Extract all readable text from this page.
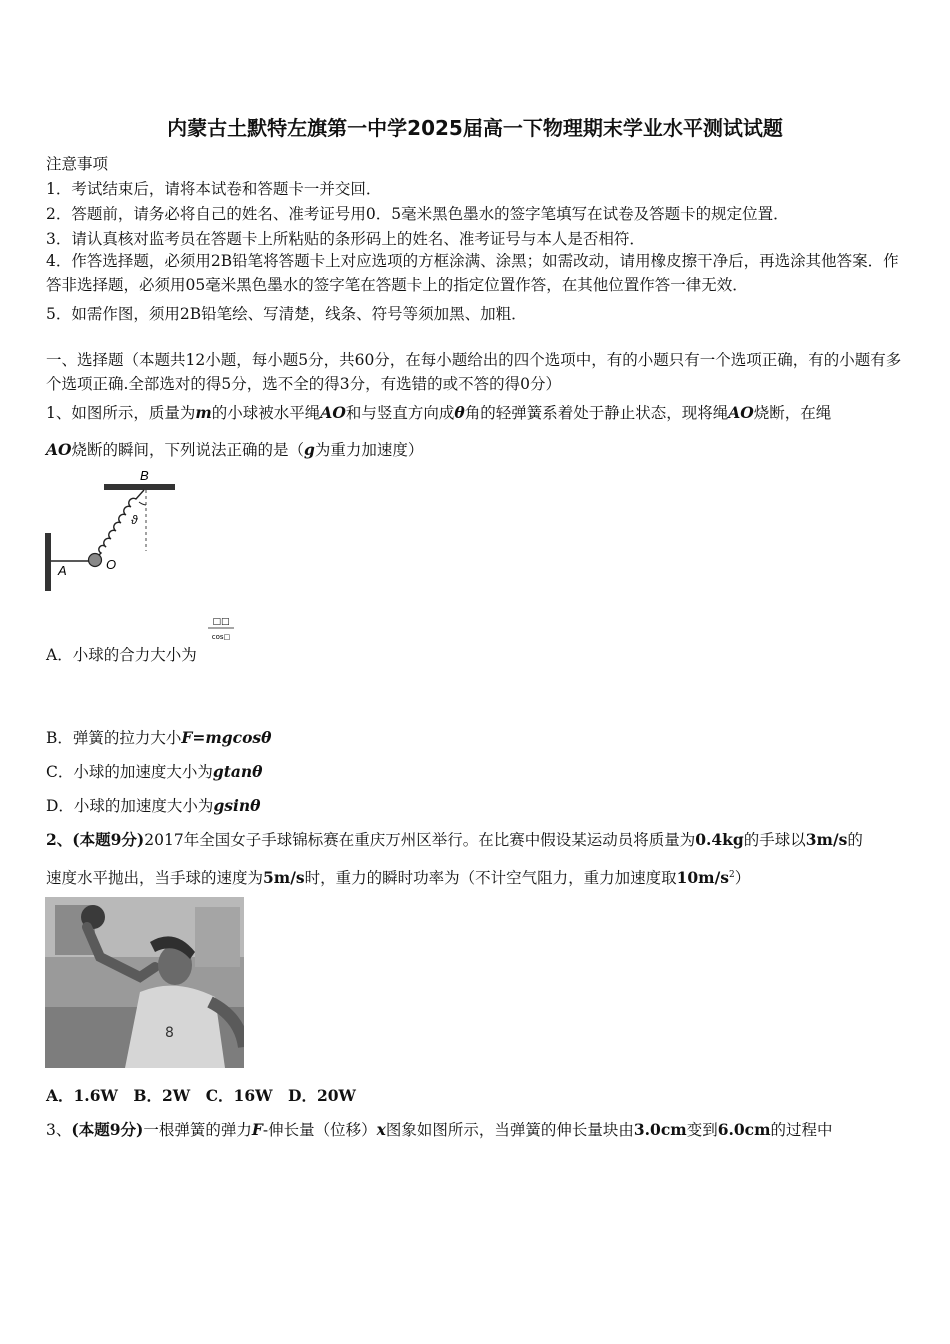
内蒙古土默特左旗第一中学2025届高一下物理期末学业水平测试试题
注意事项
1．考试结束后，请将本试卷和答题卡一并交回．
2．答题前，请务必将自己的姓名、准考证号用0．5毫米黑色墨水的签字笔填写在试卷及答题卡的规定位置．
3．请认真核对监考员在答题卡上所粘贴的条形码上的姓名、准考证号与本人是否相符．
4．作答选择题，必须用2B铅笔将答题卡上对应选项的方框涂满、涂黑；如需改动，请用橡皮擦干净后，再选涂其他答案．作答非选择题，必须用05毫米黑色墨水的签字笔在答题卡上的指定位置作答，在其他位置作答一律无效．
5．如需作图，须用2B铅笔绘、写清楚，线条、符号等须加黑、加粗．
一、选择题（本题共12小题，每小题5分，共60分，在每小题给出的四个选项中，有的小题只有一个选项正确，有的小题有多个选项正确.全部选对的得5分，选不全的得3分，有选错的或不答的得0分）
1、如图所示，质量为m的小球被水平绳AO和与竖直方向成θ角的轻弹簧系着处于静止状态，现将绳AO烧断，在绳
AO烧断的瞬间，下列说法正确的是（g为重力加速度）
B
A	O
ϑ
□□
cos□
A．小球的合力大小为
B．弹簧的拉力大小F=mgcosθ
C．小球的加速度大小为gtanθ
D．小球的加速度大小为gsinθ
2、(本题9分)2017年全国女子手球锦标赛在重庆万州区举行。在比赛中假设某运动员将质量为0.4kg的手球以3m/s的
速度水平抛出，当手球的速度为5m/s时，重力的瞬时功率为（不计空气阻力，重力加速度取$10m/s^2$）
8
A．1.6W　B．2W　C．16W　D．20W
3、(本题9分)一根弹簧的弹力F-伸长量（位移）x图象如图所示，当弹簧的伸长量块由3.0cm变到6.0cm的过程中
